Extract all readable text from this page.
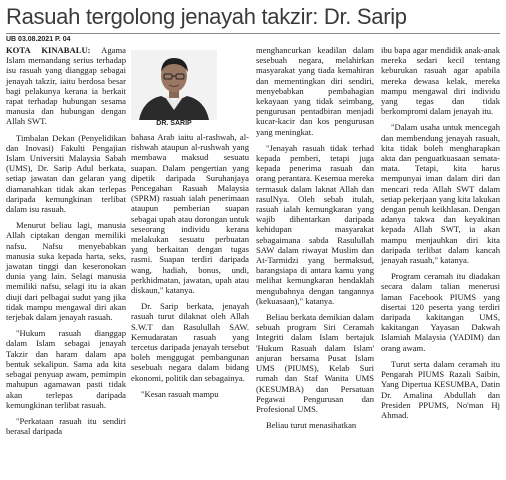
Rasuah tergolong jenayah takzir: Dr. Sarip
UB 03.08.2021 P. 04

KOTA KINABALU: Agama Islam memandang serius terhadap isu rasuah yang dianggap sebagai jenayah takzir, iaitu berdosa besar bagi pelakunya kerana ia berkait rapat terhadap hubungan sesama manusia dan hubungan dengan Allah SWT.

Timbalan Dekan (Penyelidikan dan Inovasi) Fakulti Pengajian Islam Universiti Malaysia Sabah (UMS), Dr. Sarip Adul berkata, setiap jawatan dan gelaran yang diamanahkan tidak akan terlepas daripada kemungkinan terlibat dalam isu rasuah.

Menurut beliau lagi, manusia Allah ciptakan dengan memiliki nafsu. Nafsu menyebabkan manusia suka kepada harta, seks, jawatan tinggi dan keseronokan dunia yang lain. Selagi manusia memiliki nafsu, selagi itu ia akan diuji dari pelbagai sudut yang jika tidak mampu mengawal diri akan terjebak dalam jenayah rasuah.

"Hukum rasuah dianggap dalam Islam sebagai jenayah Takzir dan haram dalam apa bentuk sekalipun. Sama ada kita sebagai penyuap awam, pemimpin mahupun agamawan pasti tidak akan terlepas daripada kemungkinan terlibat rasuah.

"Perkataan rasuah itu sendiri berasal daripada

DR. SARIP

bahasa Arab iaitu al-rashwah, al-rishwah ataupun al-rushwah yang membawa maksud sesuatu suapan. Dalam pengertian yang dipetik daripada Suruhanjaya Pencegahan Rasuah Malaysia (SPRM) rasuah ialah penerimaan ataupun pemberian suapan sebagai upah atau dorongan untuk seseorang individu kerana melakukan sesuatu perbuatan yang berkaitan dengan tugas rasmi. Suapan terdiri daripada wang, hadiah, bonus, undi, perkhidmatan, jawatan, upah atau diskaun," katanya.

Dr. Sarip berkata, jenayah rasuah turut dilaknat oleh Allah S.W.T dan Rasulullah SAW. Kemudaratan rasuah yang tercetus daripada jenayah tersebut boleh menggugat pembangunan sesebuah negara dalam bidang ekonomi, politik dan sebagainya.

"Kesan rasuah mampu

menghancurkan keadilan dalam sesebuah negara, melahirkan masyarakat yang tiada kemahiran dan mementingkan diri sendiri, menyebabkan pembahagian kekayaan yang tidak seimbang, pengurusan pentadbiran menjadi kucar-kacir dan kos pengurusan yang meningkat.

"Jenayah rasuah tidak terhad kepada pemberi, tetapi juga kepada penerima rasuah dan orang perantara. Kesemua mereka termasuk dalam laknat Allah dan rasulNya. Oleh sebab itulah, rasuah ialah kemungkaran yang wajib dihentarkan daripada kehidupan masyarakat sebagaimana sabda Rasulullah SAW dalam riwayat Muslim dan At-Tarmidzi yang bermaksud, barangsiapa di antara kamu yang melihat kemungkaran hendaklah mengubahnya dengan tangannya (kekuasaan)," katanya.

Beliau berkata demikian dalam sebuah program Siri Ceramah Integriti dalam Islam bertajuk 'Hukum Rasuah dalam Islam' anjuran bersama Pusat Islam UMS (PIUMS), Kelab Suri rumah dan Staf Wanita UMS (KESUMBA) dan Persatuan Pegawai Pengurusan dan Profesional UMS.

Beliau turut menasihatkan

ibu bapa agar mendidik anak-anak mereka sedari kecil tentang keburukan rasuah agar apabila mereka dewasa kelak, mereka mampu mengawal diri individu yang tegas dan tidak berkompromi dalam jenayah itu.

"Dalam usaha untuk mencegah dan membendung jenayah rasuah, kita tidak boleh mengharapkan akta dan penguatkuasaan semata-mata. Tetapi, kita harus mempunyai iman dalam diri dan mencari reda Allah SWT dalam setiap pekerjaan yang kita lakukan dengan penuh keikhlasan. Dengan adanya takwa dan keyakinan kepada Allah SWT, ia akan mampu menjauhkan diri kita daripada terlibat dalam kancah jenayah rasuah," katanya.

Program ceramah itu diadakan secara dalam talian menerusi laman Facebook PIUMS yang disertai 120 peserta yang terdiri daripada kakitangan UMS, kakitangan Yayasan Dakwah Islamiah Malaysia (YADIM) dan orang awam.

Turut serta dalam ceramah itu Pengarah PIUMS Razali Saibin, Yang Dipertua KESUMBA, Datin Dr. Amalina Abdullah dan Presiden PPUMS, No'man Hj Ahmad.
